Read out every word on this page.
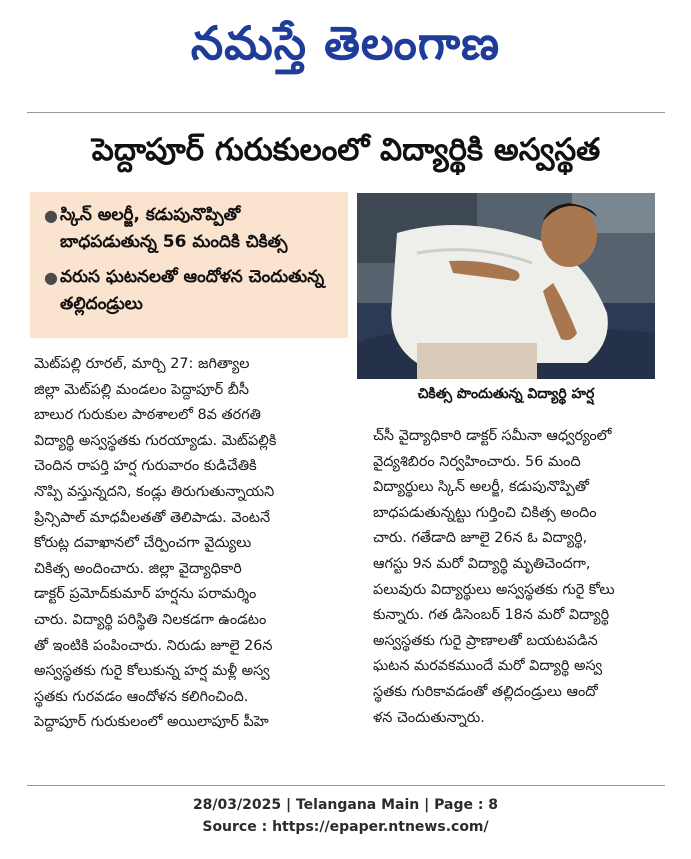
నమస్తే తెలంగాణ
పెద్దాపూర్ గురుకులంలో విద్యార్థికి అస్వస్థత
● స్కిన్ అలర్జీ, కడుపునొప్పితో బాధపడుతున్న 56 మందికి చికిత్స
● వరుస ఘటనలతో ఆందోళన చెందుతున్న తల్లిదండ్రులు
చికిత్స పొందుతున్న విద్యార్థి హర్ష
మెట్‌పల్లి రూరల్, మార్చి 27: జగిత్యాల
జిల్లా మెట్‌పల్లి మండలం పెద్దాపూర్ బీసీ
బాలుర గురుకుల పాఠశాలలో 8వ తరగతి
విద్యార్థి అస్వస్థతకు గురయ్యాడు. మెట్‌పల్లికి
చెందిన రాపర్తి హర్ష గురువారం కుడిచేతికి
నొప్పి వస్తున్నదని, కండ్లు తిరుగుతున్నాయని
ప్రిన్సిపాల్ మాధవీలతతో తెలిపాడు. వెంటనే
కోరుట్ల దవాఖానలో చేర్పించగా వైద్యులు
చికిత్స అందించారు. జిల్లా వైద్యాధికారి
డాక్టర్ ప్రమోద్‌కుమార్ హర్షను పరామర్శిం
చారు. విద్యార్థి పరిస్థితి నిలకడగా ఉండటం
తో ఇంటికి పంపించారు. నిరుడు జూలై 26న
అస్వస్థతకు గురై కోలుకున్న హర్ష మళ్లీ అస్వ
స్థతకు గురవడం ఆందోళన కలిగించింది.
పెద్దాపూర్ గురుకులంలో అయిలాపూర్ పీహె
చ్‌సీ వైద్యాధికారి డాక్టర్ సమీనా ఆధ్వర్యంలో
వైద్యశిబిరం నిర్వహించారు. 56 మంది
విద్యార్థులు స్కిన్ అలర్జీ, కడుపునొప్పితో
బాధపడుతున్నట్టు గుర్తించి చికిత్స అందిం
చారు. గతేడాది జూలై 26న ఓ విద్యార్థి,
ఆగస్టు 9న మరో విద్యార్థి మృతిచెందగా,
పలువురు విద్యార్థులు అస్వస్థతకు గురై కోలు
కున్నారు. గత డిసెంబర్ 18న మరో విద్యార్థి
అస్వస్థతకు గురై ప్రాణాలతో బయటపడిన
ఘటన మరవకముందే మరో విద్యార్థి అస్వ
స్థతకు గురికావడంతో తల్లిదండ్రులు ఆందో
ళన చెందుతున్నారు.
28/03/2025 | Telangana Main | Page : 8
Source : https://epaper.ntnews.com/
